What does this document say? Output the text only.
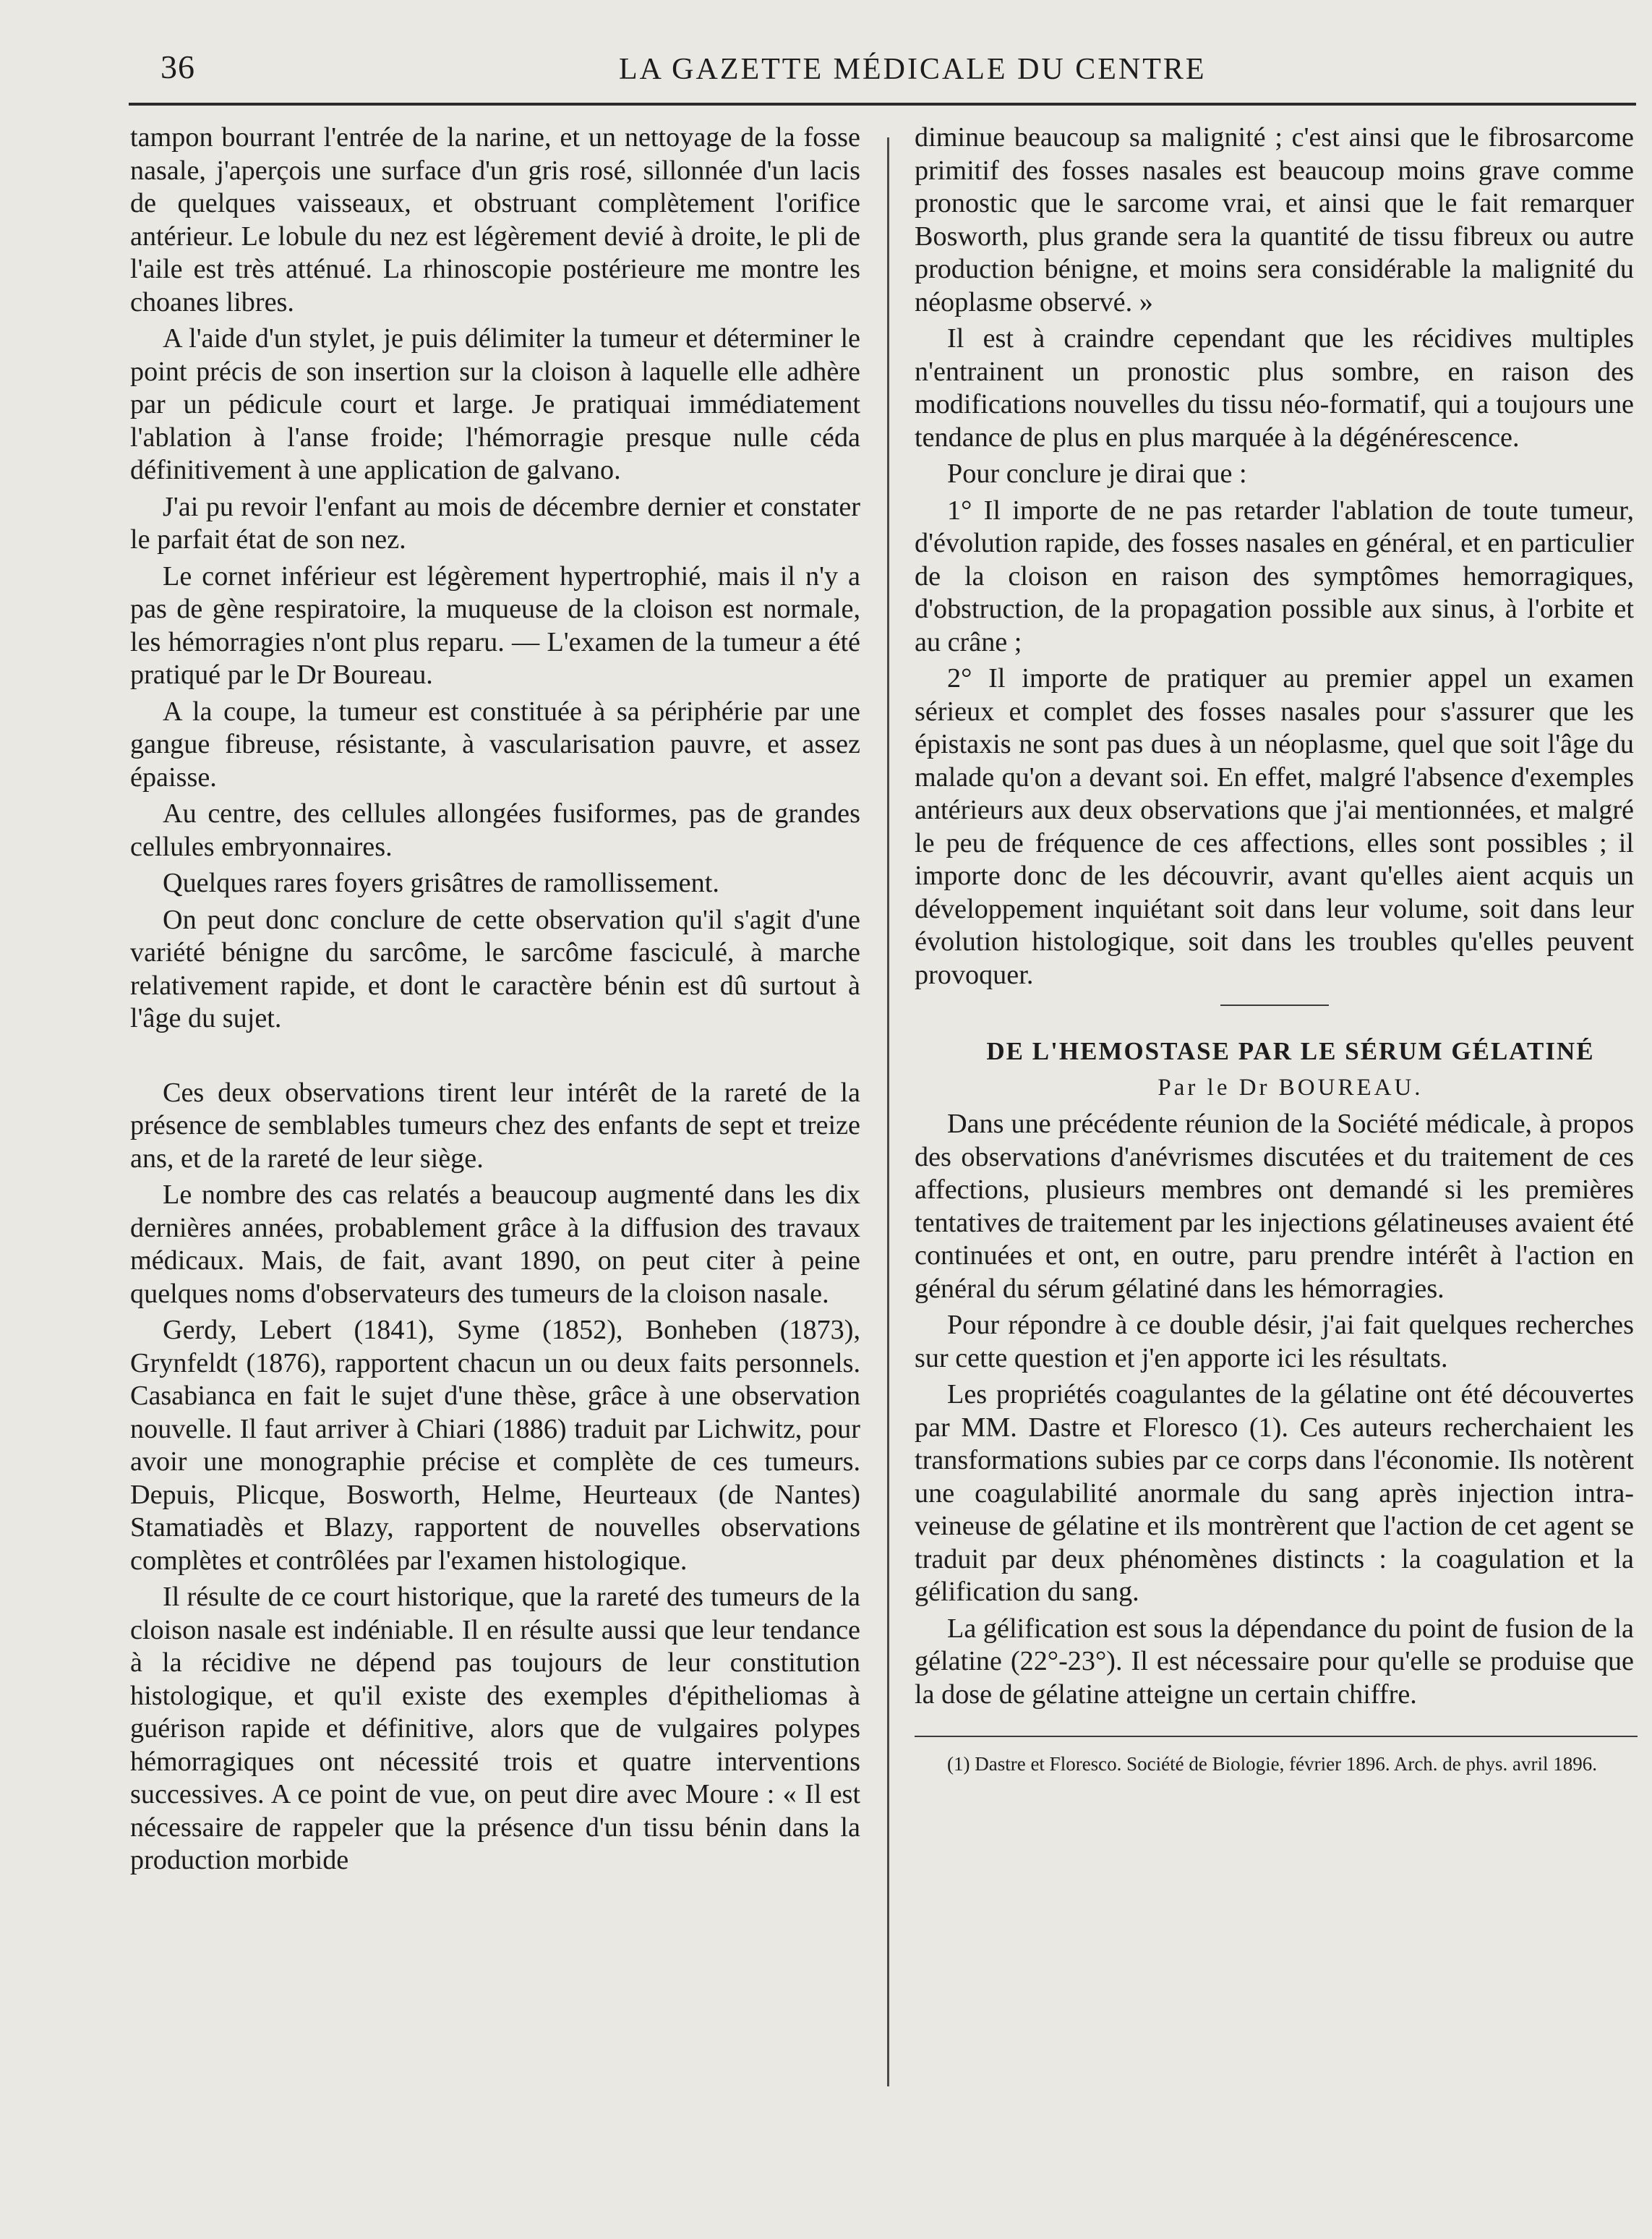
36	LA GAZETTE MÉDICALE DU CENTRE

tampon bourrant l'entrée de la narine, et un nettoyage de la fosse nasale, j'aperçois une surface d'un gris rosé, sillonnée d'un lacis de quelques vaisseaux, et obstruant complètement l'orifice antérieur. Le lobule du nez est légèrement devié à droite, le pli de l'aile est très atténué. La rhinoscopie postérieure me montre les choanes libres.

A l'aide d'un stylet, je puis délimiter la tumeur et déterminer le point précis de son insertion sur la cloison à laquelle elle adhère par un pédicule court et large. Je pratiquai immédiatement l'ablation à l'anse froide; l'hémorragie presque nulle céda définitivement à une application de galvano.

J'ai pu revoir l'enfant au mois de décembre dernier et constater le parfait état de son nez.

Le cornet inférieur est légèrement hypertrophié, mais il n'y a pas de gène respiratoire, la muqueuse de la cloison est normale, les hémorragies n'ont plus reparu. — L'examen de la tumeur a été pratiqué par le Dr Boureau.

A la coupe, la tumeur est constituée à sa périphérie par une gangue fibreuse, résistante, à vascularisation pauvre, et assez épaisse.

Au centre, des cellules allongées fusiformes, pas de grandes cellules embryonnaires.

Quelques rares foyers grisâtres de ramollissement.

On peut donc conclure de cette observation qu'il s'agit d'une variété bénigne du sarcôme, le sarcôme fasciculé, à marche relativement rapide, et dont le caractère bénin est dû surtout à l'âge du sujet.

Ces deux observations tirent leur intérêt de la rareté de la présence de semblables tumeurs chez des enfants de sept et treize ans, et de la rareté de leur siège.

Le nombre des cas relatés a beaucoup augmenté dans les dix dernières années, probablement grâce à la diffusion des travaux médicaux. Mais, de fait, avant 1890, on peut citer à peine quelques noms d'observateurs des tumeurs de la cloison nasale.

Gerdy, Lebert (1841), Syme (1852), Bonheben (1873), Grynfeldt (1876), rapportent chacun un ou deux faits personnels. Casabianca en fait le sujet d'une thèse, grâce à une observation nouvelle. Il faut arriver à Chiari (1886) traduit par Lichwitz, pour avoir une monographie précise et complète de ces tumeurs. Depuis, Plicque, Bosworth, Helme, Heurteaux (de Nantes) Stamatiadès et Blazy, rapportent de nouvelles observations complètes et contrôlées par l'examen histologique.

Il résulte de ce court historique, que la rareté des tumeurs de la cloison nasale est indéniable. Il en résulte aussi que leur tendance à la récidive ne dépend pas toujours de leur constitution histologique, et qu'il existe des exemples d'épitheliomas à guérison rapide et définitive, alors que de vulgaires polypes hémorragiques ont nécessité trois et quatre interventions successives. A ce point de vue, on peut dire avec Moure : « Il est nécessaire de rappeler que la présence d'un tissu bénin dans la production morbide

diminue beaucoup sa malignité ; c'est ainsi que le fibrosarcome primitif des fosses nasales est beaucoup moins grave comme pronostic que le sarcome vrai, et ainsi que le fait remarquer Bosworth, plus grande sera la quantité de tissu fibreux ou autre production bénigne, et moins sera considérable la malignité du néoplasme observé. »

Il est à craindre cependant que les récidives multiples n'entrainent un pronostic plus sombre, en raison des modifications nouvelles du tissu néo-formatif, qui a toujours une tendance de plus en plus marquée à la dégénérescence.

Pour conclure je dirai que :

1° Il importe de ne pas retarder l'ablation de toute tumeur, d'évolution rapide, des fosses nasales en général, et en particulier de la cloison en raison des symptômes hemorragiques, d'obstruction, de la propagation possible aux sinus, à l'orbite et au crâne ;

2° Il importe de pratiquer au premier appel un examen sérieux et complet des fosses nasales pour s'assurer que les épistaxis ne sont pas dues à un néoplasme, quel que soit l'âge du malade qu'on a devant soi. En effet, malgré l'absence d'exemples antérieurs aux deux observations que j'ai mentionnées, et malgré le peu de fréquence de ces affections, elles sont possibles ; il importe donc de les découvrir, avant qu'elles aient acquis un développement inquiétant soit dans leur volume, soit dans leur évolution histologique, soit dans les troubles qu'elles peuvent provoquer.

DE L'HEMOSTASE PAR LE SÉRUM GÉLATINÉ

Par le Dr BOUREAU.

Dans une précédente réunion de la Société médicale, à propos des observations d'anévrismes discutées et du traitement de ces affections, plusieurs membres ont demandé si les premières tentatives de traitement par les injections gélatineuses avaient été continuées et ont, en outre, paru prendre intérêt à l'action en général du sérum gélatiné dans les hémorragies.

Pour répondre à ce double désir, j'ai fait quelques recherches sur cette question et j'en apporte ici les résultats.

Les propriétés coagulantes de la gélatine ont été découvertes par MM. Dastre et Floresco (1). Ces auteurs recherchaient les transformations subies par ce corps dans l'économie. Ils notèrent une coagulabilité anormale du sang après injection intra-veineuse de gélatine et ils montrèrent que l'action de cet agent se traduit par deux phénomènes distincts : la coagulation et la gélification du sang.

La gélification est sous la dépendance du point de fusion de la gélatine (22°-23°). Il est nécessaire pour qu'elle se produise que la dose de gélatine atteigne un certain chiffre.

(1) Dastre et Floresco. Société de Biologie, février 1896. Arch. de phys. avril 1896.
